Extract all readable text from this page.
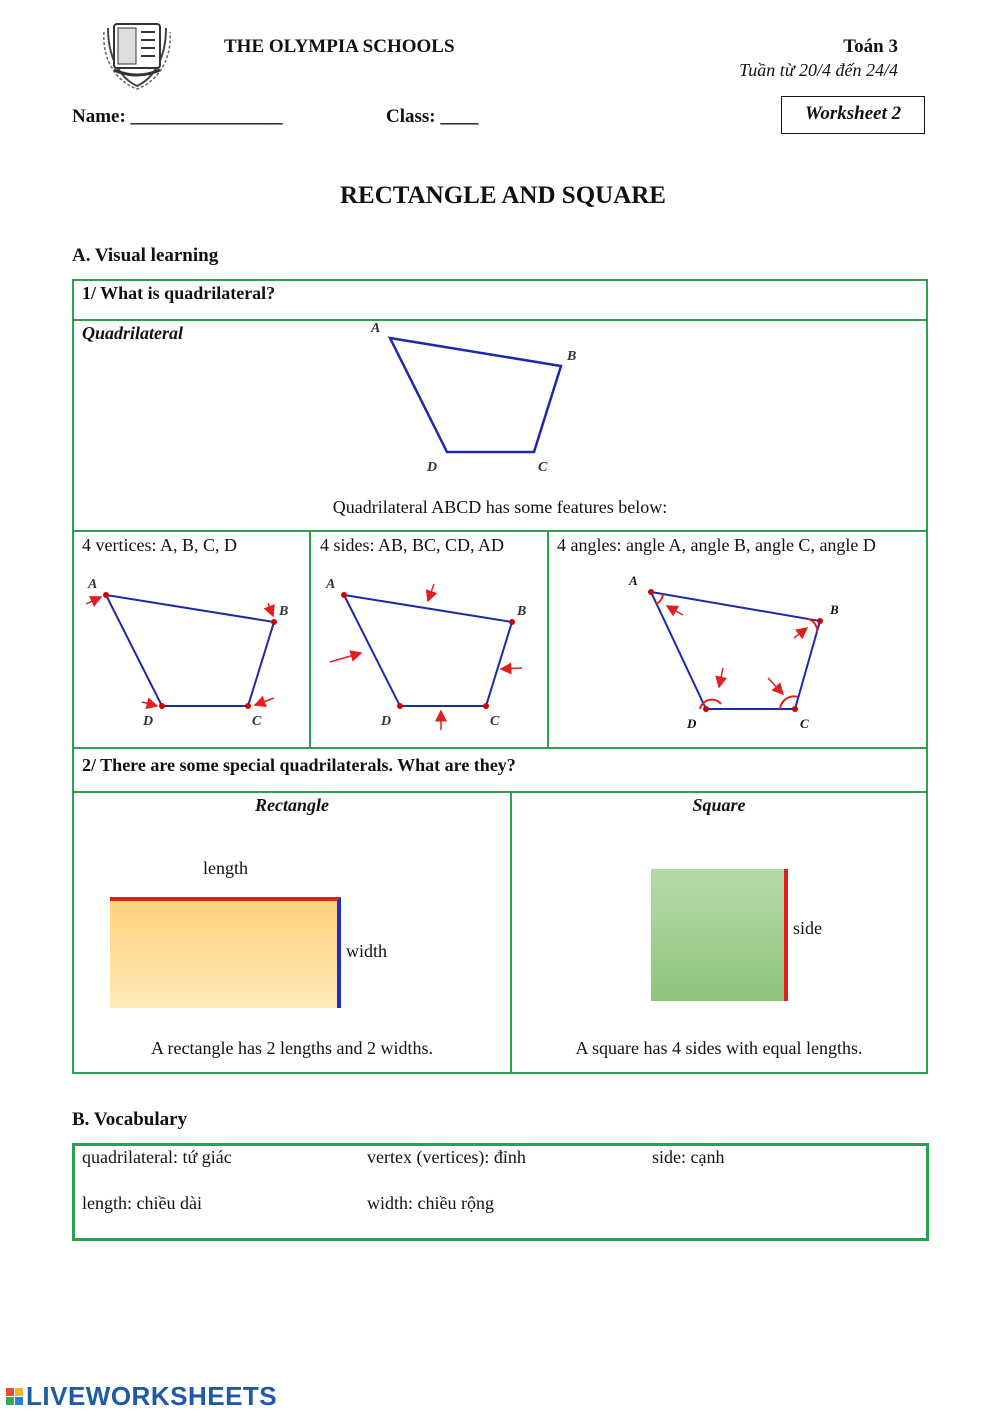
THE OLYMPIA SCHOOLS	Toán 3
Tuần từ 20/4 đến 24/4
Name: ________________	Class: ____	Worksheet 2
RECTANGLE AND SQUARE
A. Visual learning
1/ What is quadrilateral?
Quadrilateral	A
B
C
D
Quadrilateral ABCD has some features below:
4 vertices: A, B, C, D	4 sides: AB, BC, CD, AD	4 angles: angle A, angle B, angle C, angle D
A
B
C
D
A
B
C
D
A
B
C
D
2/ There are some special quadrilaterals. What are they?
Rectangle	Square
length
width
side
A rectangle has 2 lengths and 2 widths.	A square has 4 sides with equal lengths.
B. Vocabulary
quadrilateral: tứ giác	vertex (vertices): đỉnh	side: cạnh
length: chiều dài	width: chiều rộng
LIVEWORKSHEETS
